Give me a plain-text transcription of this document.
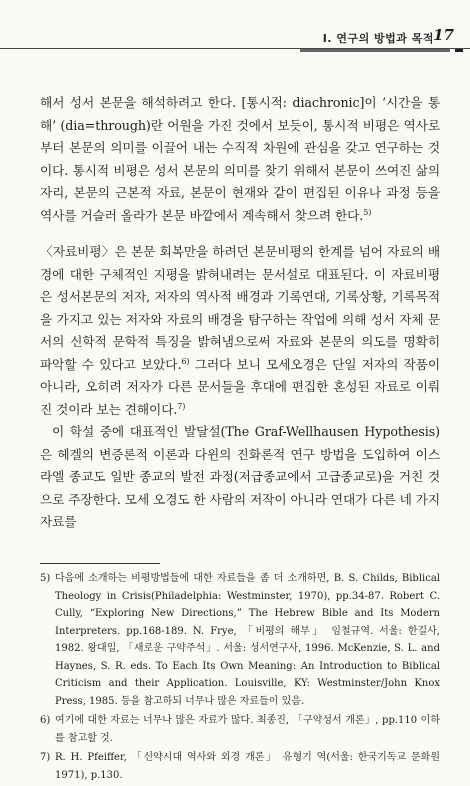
I. 연구의 방법과 목적 17

해서 성서 본문을 해석하려고 한다. [통시적: diachronic]이 ‘시간을 통해’ (dia=through)란 어원을 가진 것에서 보듯이, 통시적 비평은 역사로 부터 본문의 의미를 이끌어 내는 수직적 차원에 관심을 갖고 연구하는 것이다. 통시적 비평은 성서 본문의 의미를 찾기 위해서 본문이 쓰여진 삶의 자리, 본문의 근본적 자료, 본문이 현재와 같이 편집된 이유나 과정 등을 역사를 거슬러 올라가 본문 바깥에서 계속해서 찾으려 한다.$^{5)}$

〈자료비평〉은 본문 회복만을 하려던 본문비평의 한계를 넘어 자료의 배경에 대한 구체적인 지평을 밝혀내려는 문서설로 대표된다. 이 자료비평은 성서본문의 저자, 저자의 역사적 배경과 기록연대, 기록상황, 기록목적을 가지고 있는 저자와 자료의 배경을 탐구하는 작업에 의해 성서 자체 문서의 신학적 문학적 특징을 밝혀냄으로써 자료와 본문의 의도를 명확히 파악할 수 있다고 보았다.$^{6)}$ 그러다 보니 모세오경은 단일 저자의 작품이 아니라, 오히려 저자가 다른 문서들을 후대에 편집한 혼성된 자료로 이뤄진 것이라 보는 견해이다.$^{7)}$

이 학설 중에 대표적인 발달설(The Graf-Wellhausen Hypothesis)은 헤겔의 변증론적 이론과 다윈의 진화론적 연구 방법을 도입하여 이스라엘 종교도 일반 종교의 발전 과정(저급종교에서 고급종교로)을 거친 것으로 주장한다. 모세 오경도 한 사람의 저작이 아니라 연대가 다른 네 가지 자료를

5) 다음에 소개하는 비평방법들에 대한 자료들을 좀 더 소개하면, B. S. Childs, Biblical Theology in Crisis(Philadelphia: Westminster, 1970), pp.34-87. Robert C. Cully, “Exploring New Directions,” The Hebrew Bible and Its Modern Interpreters. pp.168-189. N. Frye, 「비평의 해부」 임철규역. 서울: 한길사, 1982. 왕대일, 「새로운 구약주석」. 서울: 성서연구사, 1996. McKenzie, S. L. and Haynes, S. R. eds. To Each Its Own Meaning: An Introduction to Biblical Criticism and their Application. Louisville, KY: Westminster/John Knox Press, 1985. 등을 참고하되 너무나 많은 자료들이 있음.
6) 여기에 대한 자료는 너무나 많은 자료가 많다. 최종진, 「구약성서 개론」, pp.110 이하를 참고할 것.
7) R. H. Pfeiffer, 「신약시대 역사와 외경 개론」 유형기 역(서울: 한국기독교 문화원 1971), p.130.
